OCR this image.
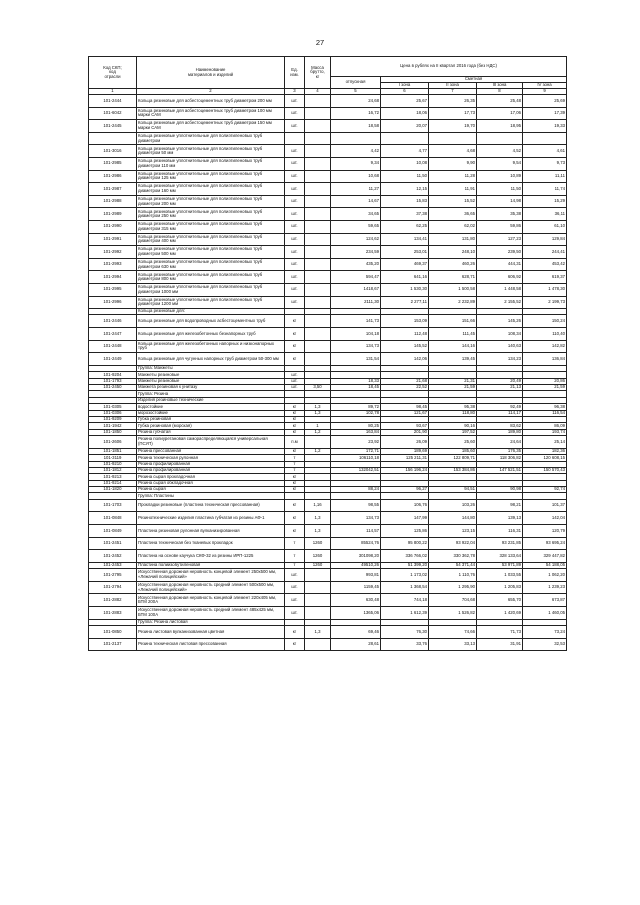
27
Код СКП;
код
отрасли	Наименование
материалов и изделий	Ед.
изм.	Масса
брутто,
кг	Цена в рублях на II квартал 2016 года (без НДС)				
				отпускная	Сметная			
					I зона	II зона	III зона	IV зона
1	2	3	4	5	6	7	8	9
101-2444	Кольца резиновые для асбестоцементных труб диаметром 200 мм	шт.		24,68	25,67	26,35	25,48	25,69
101-6042	Кольца резиновые для асбестоцементных труб диаметром 100 мм марки САМ	шт.		16,72	18,06	17,73	17,06	17,39
101-2445	Кольца резиновые для асбестоцементных труб диаметром 150 мм марки САМ	шт.		18,58	20,07	19,70	18,95	19,33
	Кольца резиновые уплотнительные для полиэтиленовых труб диаметром							
101-3016	Кольца резиновые уплотнительные для полиэтиленовых труб диаметром 50 мм	шт.		4,42	4,77	4,68	4,52	4,61
101-2985	Кольца резиновые уплотнительные для полиэтиленовых труб диаметром 110 мм	шт.		9,34	10,08	9,90	9,54	9,73
101-2986	Кольца резиновые уплотнительные для полиэтиленовых труб диаметром 125 мм	шт.		10,68	11,50	11,28	10,89	11,11
101-2987	Кольца резиновые уплотнительные для полиэтиленовых труб диаметром 160 мм	шт.		11,27	12,15	11,91	11,50	11,74
101-2988	Кольца резиновые уплотнительные для полиэтиленовых труб диаметром 200 мм	шт.		14,67	15,83	15,52	14,98	15,29
101-2989	Кольца резиновые уплотнительные для полиэтиленовых труб диаметром 250 мм	шт.		34,65	37,38	36,65	35,38	36,11
101-2990	Кольца резиновые уплотнительные для полиэтиленовых труб диаметром 315 мм	шт.		59,65	62,25	62,02	59,86	61,10
101-2991	Кольца резиновые уплотнительные для полиэтиленовых труб диаметром 400 мм	шт.		124,62	134,41	131,80	127,23	129,84
101-2992	Кольца резиновые уплотнительные для полиэтиленовых труб диаметром 500 мм	шт.		234,59	253,01	248,10	239,50	244,41
101-2993	Кольца резиновые уплотнительные для полиэтиленовых труб диаметром 630 мм	шт.		435,20	469,37	460,26	444,31	453,42
101-2994	Кольца резиновые уплотнительные для полиэтиленовых труб диаметром 800 мм	шт.		594,47	641,16	628,71	606,92	619,37
101-2995	Кольца резиновые уплотнительные для полиэтиленовых труб диаметром 1000 мм	шт.		1418,67	1 530,30	1 500,58	1 448,58	1 478,30
101-2996	Кольца резиновые уплотнительные для полиэтиленовых труб диаметром 1200 мм	шт.		2111,30	2 277,11	2 232,89	2 155,52	2 199,73
	Кольца резиновые для:							
101-2446	Кольца резиновые для водопроводных асбестоцементных труб	кг		141,73	153,09	151,66	145,26	150,24
101-2447	Кольца резиновые для железобетонных безнапорных труб	кг		104,18	112,48	111,45	108,34	110,40
101-2448	Кольца резиновые для железобетонных напорных и низконапорных труб	кг		134,73	145,52	144,16	140,63	142,82
101-2449	Кольца резиновые для чугунных напорных труб диаметром 50-300 мм	кг		131,54	142,06	139,45	134,23	136,84
	Группа: Манжеты							
101-9204	Манжеты резиновые	шт.						
101-1793	Манжеты резиновые	шт.		18,33	21,68	21,31	20,49	20,86
101-2450	Манжета резиновая к унитазу	шт.	3,50	18,45	22,52	21,59	21,13	21,59
	Группа: Резина							
	Изделия резиновые технические							
101-0305	водостойкие	кг	1,3	89,72	98,45	95,38	92,49	96,38
101-0306	морозостойкие	кг	1,3	102,78	121,67	118,80	114,17	116,54
101-9209	Губка резиновая	кг						
101-1942	Губка резиновая (морская)	кг	1	80,25	93,67	90,16	83,62	86,09
101-1850	Резина губчатая	кг	1,2	163,84	201,90	197,52	189,80	193,74
101-2606	Резина полиуретановая самораспределяющаяся универсальная (ПСУП)	п.м		23,92	26,09	25,60	24,64	25,14
101-1851	Резина прессованная	кг	1,2	172,71	189,69	185,60	176,35	182,36
101-3119	Резина техническая рулонная	т		106110,18	125 211,31	122 809,71	118 306,82	120 608,15
101-9210	Резина профилированная	т						
101-1812	Резина профилированная	т		132042,51	156 196,24	153 384,86	147 521,51	150 570,43
101-9213	Резина сырая прокладочная	кг						
101-9214	Резина сырая обкладочная	кг						
101-1820	Резина сырая	кг		88,24	96,27	94,51	90,98	92,74
	Группа: Пластины							
101-1703	Прокладки резиновые (пластина техническая прессованная)	кг	1,16	98,55	106,76	103,26	98,21	101,37
101-0848	Резинотехнические изделия пластина губчатая из резины АФ-1	кг	1,3	134,73	147,99	144,80	139,13	142,04
101-0849	Пластина резиновая рулонная вулканизированная	кг	1,3	114,57	125,86	123,15	116,31	120,79
101-2451	Пластина техническая без тканевых прокладок	т	1260	85524,76	95 800,22	93 922,04	93 231,85	93 695,24
101-2452	Пластина на основе каучука СКФ-32 из резины ИРП-1225	т	1260	301098,20	336 766,02	330 362,78	328 133,64	329 447,82
101-2453	Пластина полиизобутиленовая	т	1260	49510,26	51 399,20	54 371,44	53 971,89	54 188,05
101-2795	Искусственная дорожная неровность концевой элемент 250х500 мм, «Лежачий полицейский»	шт.		993,81	1 173,02	1 110,76	1 033,55	1 062,20
101-2794	Искусственная дорожная неровность средний элемент 500х500 мм, «Лежачий полицейский»	шт.		1159,45	1 368,54	1 295,90	1 205,83	1 239,23
101-2882	Искусственная дорожная неровность концевой элемент 220х405 мм, БТМ 200А	шт.		630,48	744,18	704,68	655,70	673,87
101-2883	Искусственная дорожная неровность средний элемент 485х425 мм, БТМ 100А	шт.		1365,06	1 612,39	1 526,82	1 420,69	1 460,05
	Группа: Резина листовая							
101-0850	Резина листовая вулканизованная цветная	кг	1,3	69,46	76,30	74,66	71,73	73,24
101-2137	Резина техническая листовая прессованная	кг		28,61	33,76	33,13	31,91	32,53
